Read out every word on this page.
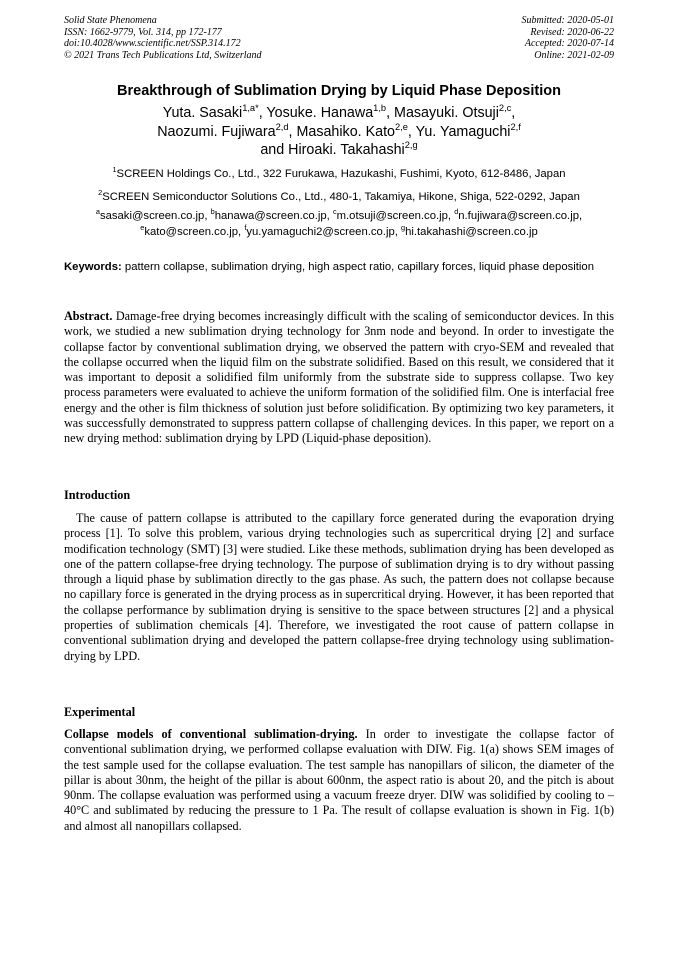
Solid State Phenomena
ISSN: 1662-9779, Vol. 314, pp 172-177
doi:10.4028/www.scientific.net/SSP.314.172
© 2021 Trans Tech Publications Ltd, Switzerland
Submitted: 2020-05-01
Revised: 2020-06-22
Accepted: 2020-07-14
Online: 2021-02-09
Breakthrough of Sublimation Drying by Liquid Phase Deposition
Yuta. Sasaki$^{1,a*}$, Yosuke. Hanawa$^{1,b}$, Masayuki. Otsuji$^{2,c}$,
Naozumi. Fujiwara$^{2,d}$, Masahiko. Kato$^{2,e}$, Yu. Yamaguchi$^{2,f}$
and Hiroaki. Takahashi$^{2,g}$
$^1$SCREEN Holdings Co., Ltd., 322 Furukawa, Hazukashi, Fushimi, Kyoto, 612-8486, Japan
$^2$SCREEN Semiconductor Solutions Co., Ltd., 480-1, Takamiya, Hikone, Shiga, 522-0292, Japan
$^a$sasaki@screen.co.jp, $^b$hanawa@screen.co.jp, $^c$m.otsuji@screen.co.jp, $^d$n.fujiwara@screen.co.jp,
$^e$kato@screen.co.jp, $^f$yu.yamaguchi2@screen.co.jp, $^g$hi.takahashi@screen.co.jp
Keywords: pattern collapse, sublimation drying, high aspect ratio, capillary forces, liquid phase deposition
Abstract. Damage-free drying becomes increasingly difficult with the scaling of semiconductor devices. In this work, we studied a new sublimation drying technology for 3nm node and beyond. In order to investigate the collapse factor by conventional sublimation drying, we observed the pattern with cryo-SEM and revealed that the collapse occurred when the liquid film on the substrate solidified. Based on this result, we considered that it was important to deposit a solidified film uniformly from the substrate side to suppress collapse. Two key process parameters were evaluated to achieve the uniform formation of the solidified film. One is interfacial free energy and the other is film thickness of solution just before solidification. By optimizing two key parameters, it was successfully demonstrated to suppress pattern collapse of challenging devices. In this paper, we report on a new drying method: sublimation drying by LPD (Liquid-phase deposition).
Introduction
The cause of pattern collapse is attributed to the capillary force generated during the evaporation drying process [1]. To solve this problem, various drying technologies such as supercritical drying [2] and surface modification technology (SMT) [3] were studied. Like these methods, sublimation drying has been developed as one of the pattern collapse-free drying technology. The purpose of sublimation drying is to dry without passing through a liquid phase by sublimation directly to the gas phase. As such, the pattern does not collapse because no capillary force is generated in the drying process as in supercritical drying. However, it has been reported that the collapse performance by sublimation drying is sensitive to the space between structures [2] and a physical properties of sublimation chemicals [4]. Therefore, we investigated the root cause of pattern collapse in conventional sublimation drying and developed the pattern collapse-free drying technology using sublimation-drying by LPD.
Experimental
Collapse models of conventional sublimation-drying. In order to investigate the collapse factor of conventional sublimation drying, we performed collapse evaluation with DIW. Fig. 1(a) shows SEM images of the test sample used for the collapse evaluation. The test sample has nanopillars of silicon, the diameter of the pillar is about 30nm, the height of the pillar is about 600nm, the aspect ratio is about 20, and the pitch is about 90nm. The collapse evaluation was performed using a vacuum freeze dryer. DIW was solidified by cooling to –40°C and sublimated by reducing the pressure to 1 Pa. The result of collapse evaluation is shown in Fig. 1(b) and almost all nanopillars collapsed.
